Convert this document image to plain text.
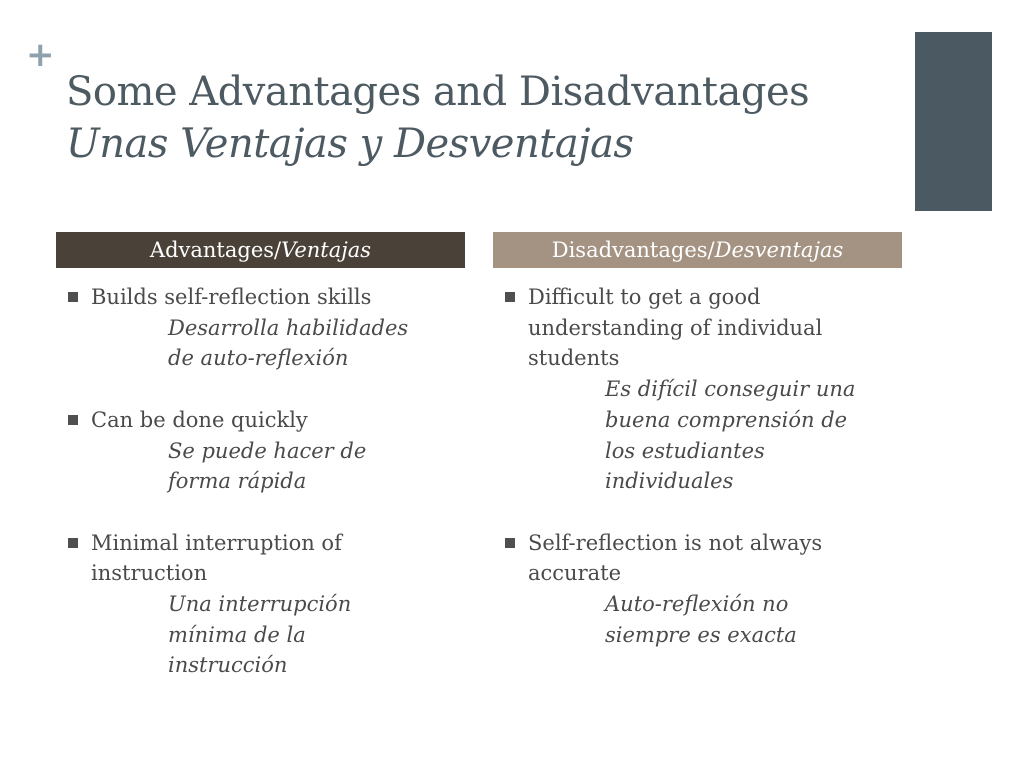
+
Some Advantages and Disadvantages
Unas Ventajas y Desventajas
Advantages/Ventajas	Disadvantages/Desventajas
Builds self-reflection skills
Desarrolla habilidades
de auto-reflexión
Can be done quickly
Se puede hacer de
forma rápida
Minimal interruption of instruction
Una interrupción
mínima de la
instrucción
Difficult to get a good understanding of individual students
Es difícil conseguir una
buena comprensión de
los estudiantes
individuales
Self-reflection is not always accurate
Auto-reflexión no
siempre es exacta
